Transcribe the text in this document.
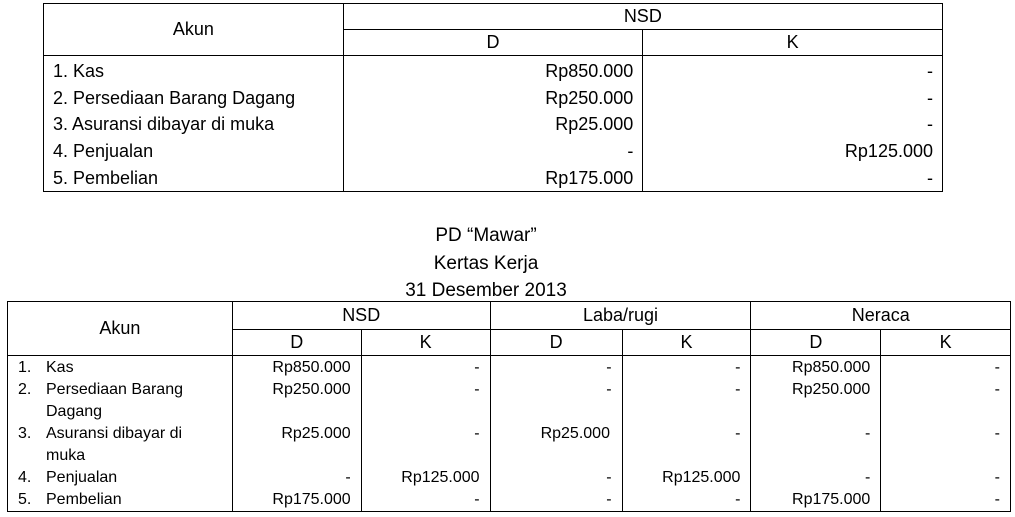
Akun	NSD	
	D	K
1. Kas	Rp850.000	-
2. Persediaan Barang Dagang	Rp250.000	-
3. Asuransi dibayar di muka	Rp25.000	-
4. Penjualan	-	Rp125.000
5. Pembelian	Rp175.000	-
PD “Mawar”
Kertas Kerja
31 Desember 2013
Akun	NSD		Laba/rugi		Neraca	
	D	K	D	K	D	K
1. Kas	Rp850.000	-	-	-	Rp850.000	-
2. Persediaan Barang Dagang	Rp250.000	-	-	-	Rp250.000	-
3. Asuransi dibayar di muka	Rp25.000	-	Rp25.000	-	-	-
4. Penjualan	-	Rp125.000	-	Rp125.000	-	-
5. Pembelian	Rp175.000	-	-	-	Rp175.000	-
